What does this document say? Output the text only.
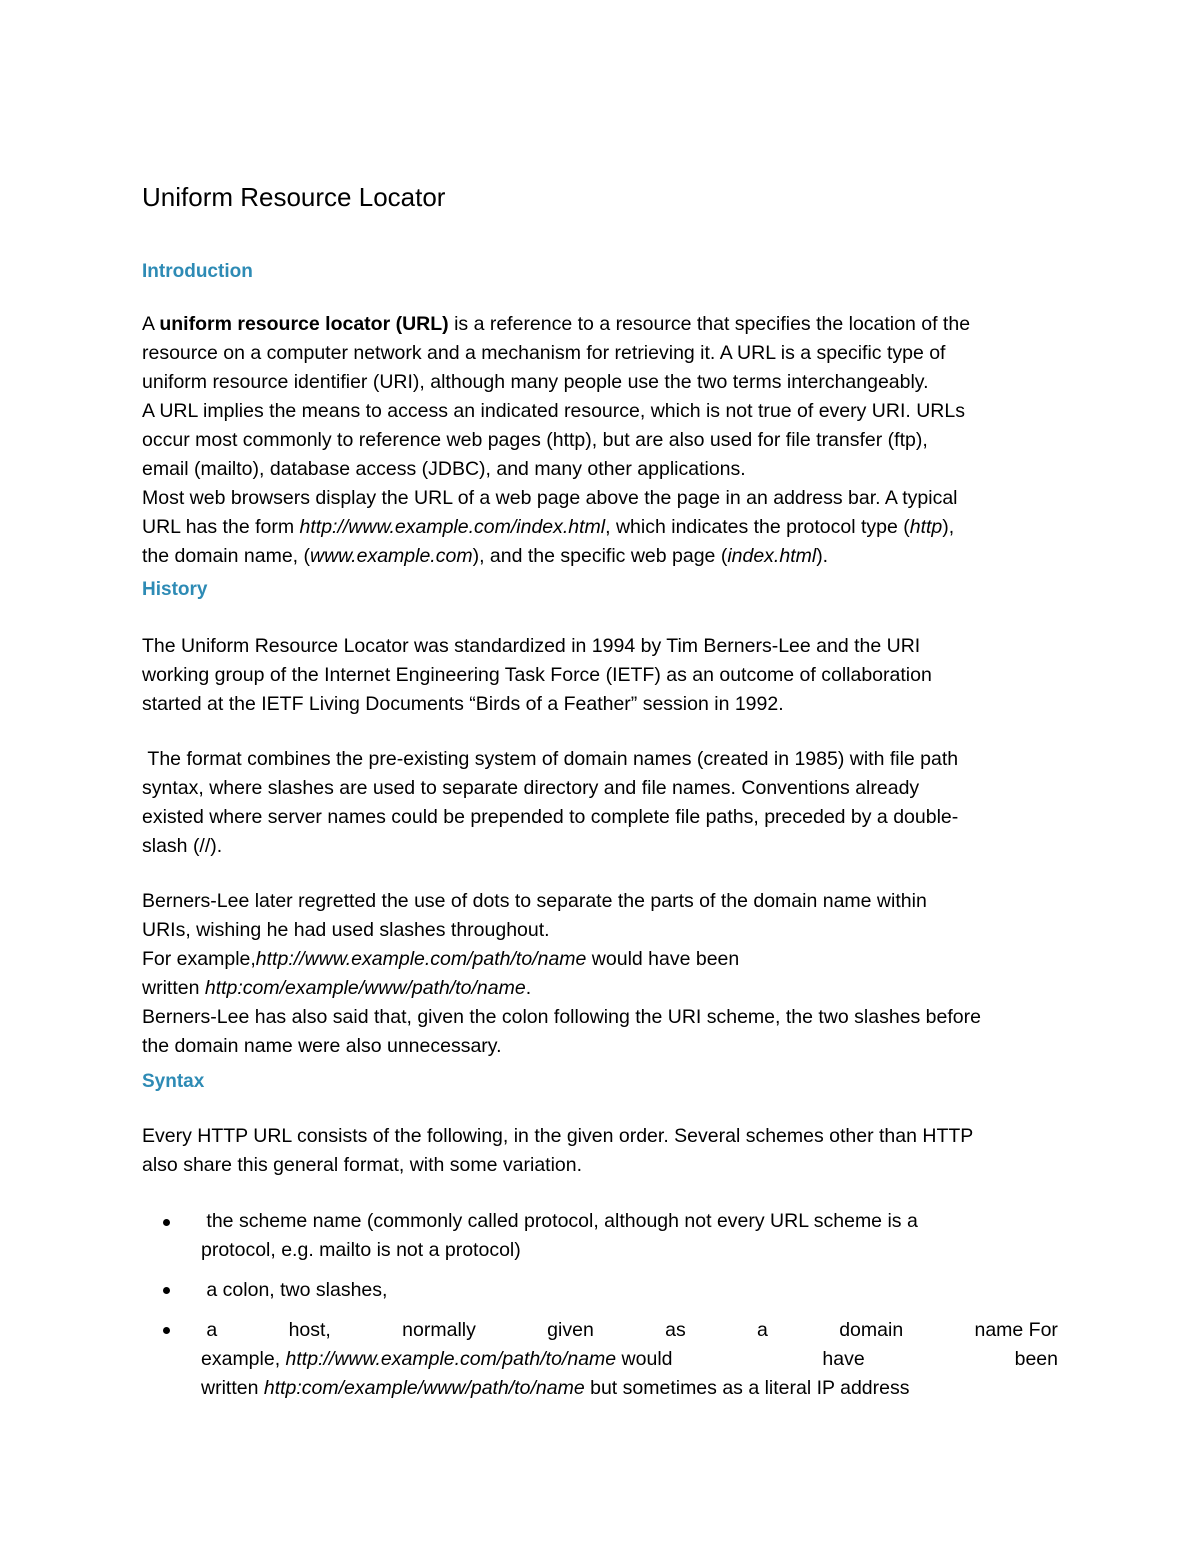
Uniform Resource Locator
Introduction
A uniform resource locator (URL) is a reference to a resource that specifies the location of the
resource on a computer network and a mechanism for retrieving it. A URL is a specific type of
uniform resource identifier (URI), although many people use the two terms interchangeably.
A URL implies the means to access an indicated resource, which is not true of every URI. URLs
occur most commonly to reference web pages (http), but are also used for file transfer (ftp),
email (mailto), database access (JDBC), and many other applications.
Most web browsers display the URL of a web page above the page in an address bar. A typical
URL has the form http://www.example.com/index.html, which indicates the protocol type (http),
the domain name, (www.example.com), and the specific web page (index.html).
History
The Uniform Resource Locator was standardized in 1994 by Tim Berners-Lee and the URI
working group of the Internet Engineering Task Force (IETF) as an outcome of collaboration
started at the IETF Living Documents “Birds of a Feather” session in 1992.
The format combines the pre-existing system of domain names (created in 1985) with file path
syntax, where slashes are used to separate directory and file names. Conventions already
existed where server names could be prepended to complete file paths, preceded by a double-
slash (//).
Berners-Lee later regretted the use of dots to separate the parts of the domain name within
URIs, wishing he had used slashes throughout.
For example,http://www.example.com/path/to/name would have been
written http:com/example/www/path/to/name.
Berners-Lee has also said that, given the colon following the URI scheme, the two slashes before
the domain name were also unnecessary.
Syntax
Every HTTP URL consists of the following, in the given order. Several schemes other than HTTP
also share this general format, with some variation.
the scheme name (commonly called protocol, although not every URL scheme is a
protocol, e.g. mailto is not a protocol)
a colon, two slashes,
a	host,	normally	given	as	a	domain	name For
example, http://www.example.com/path/to/name would	have	been
written http:com/example/www/path/to/name but sometimes as a literal IP address
